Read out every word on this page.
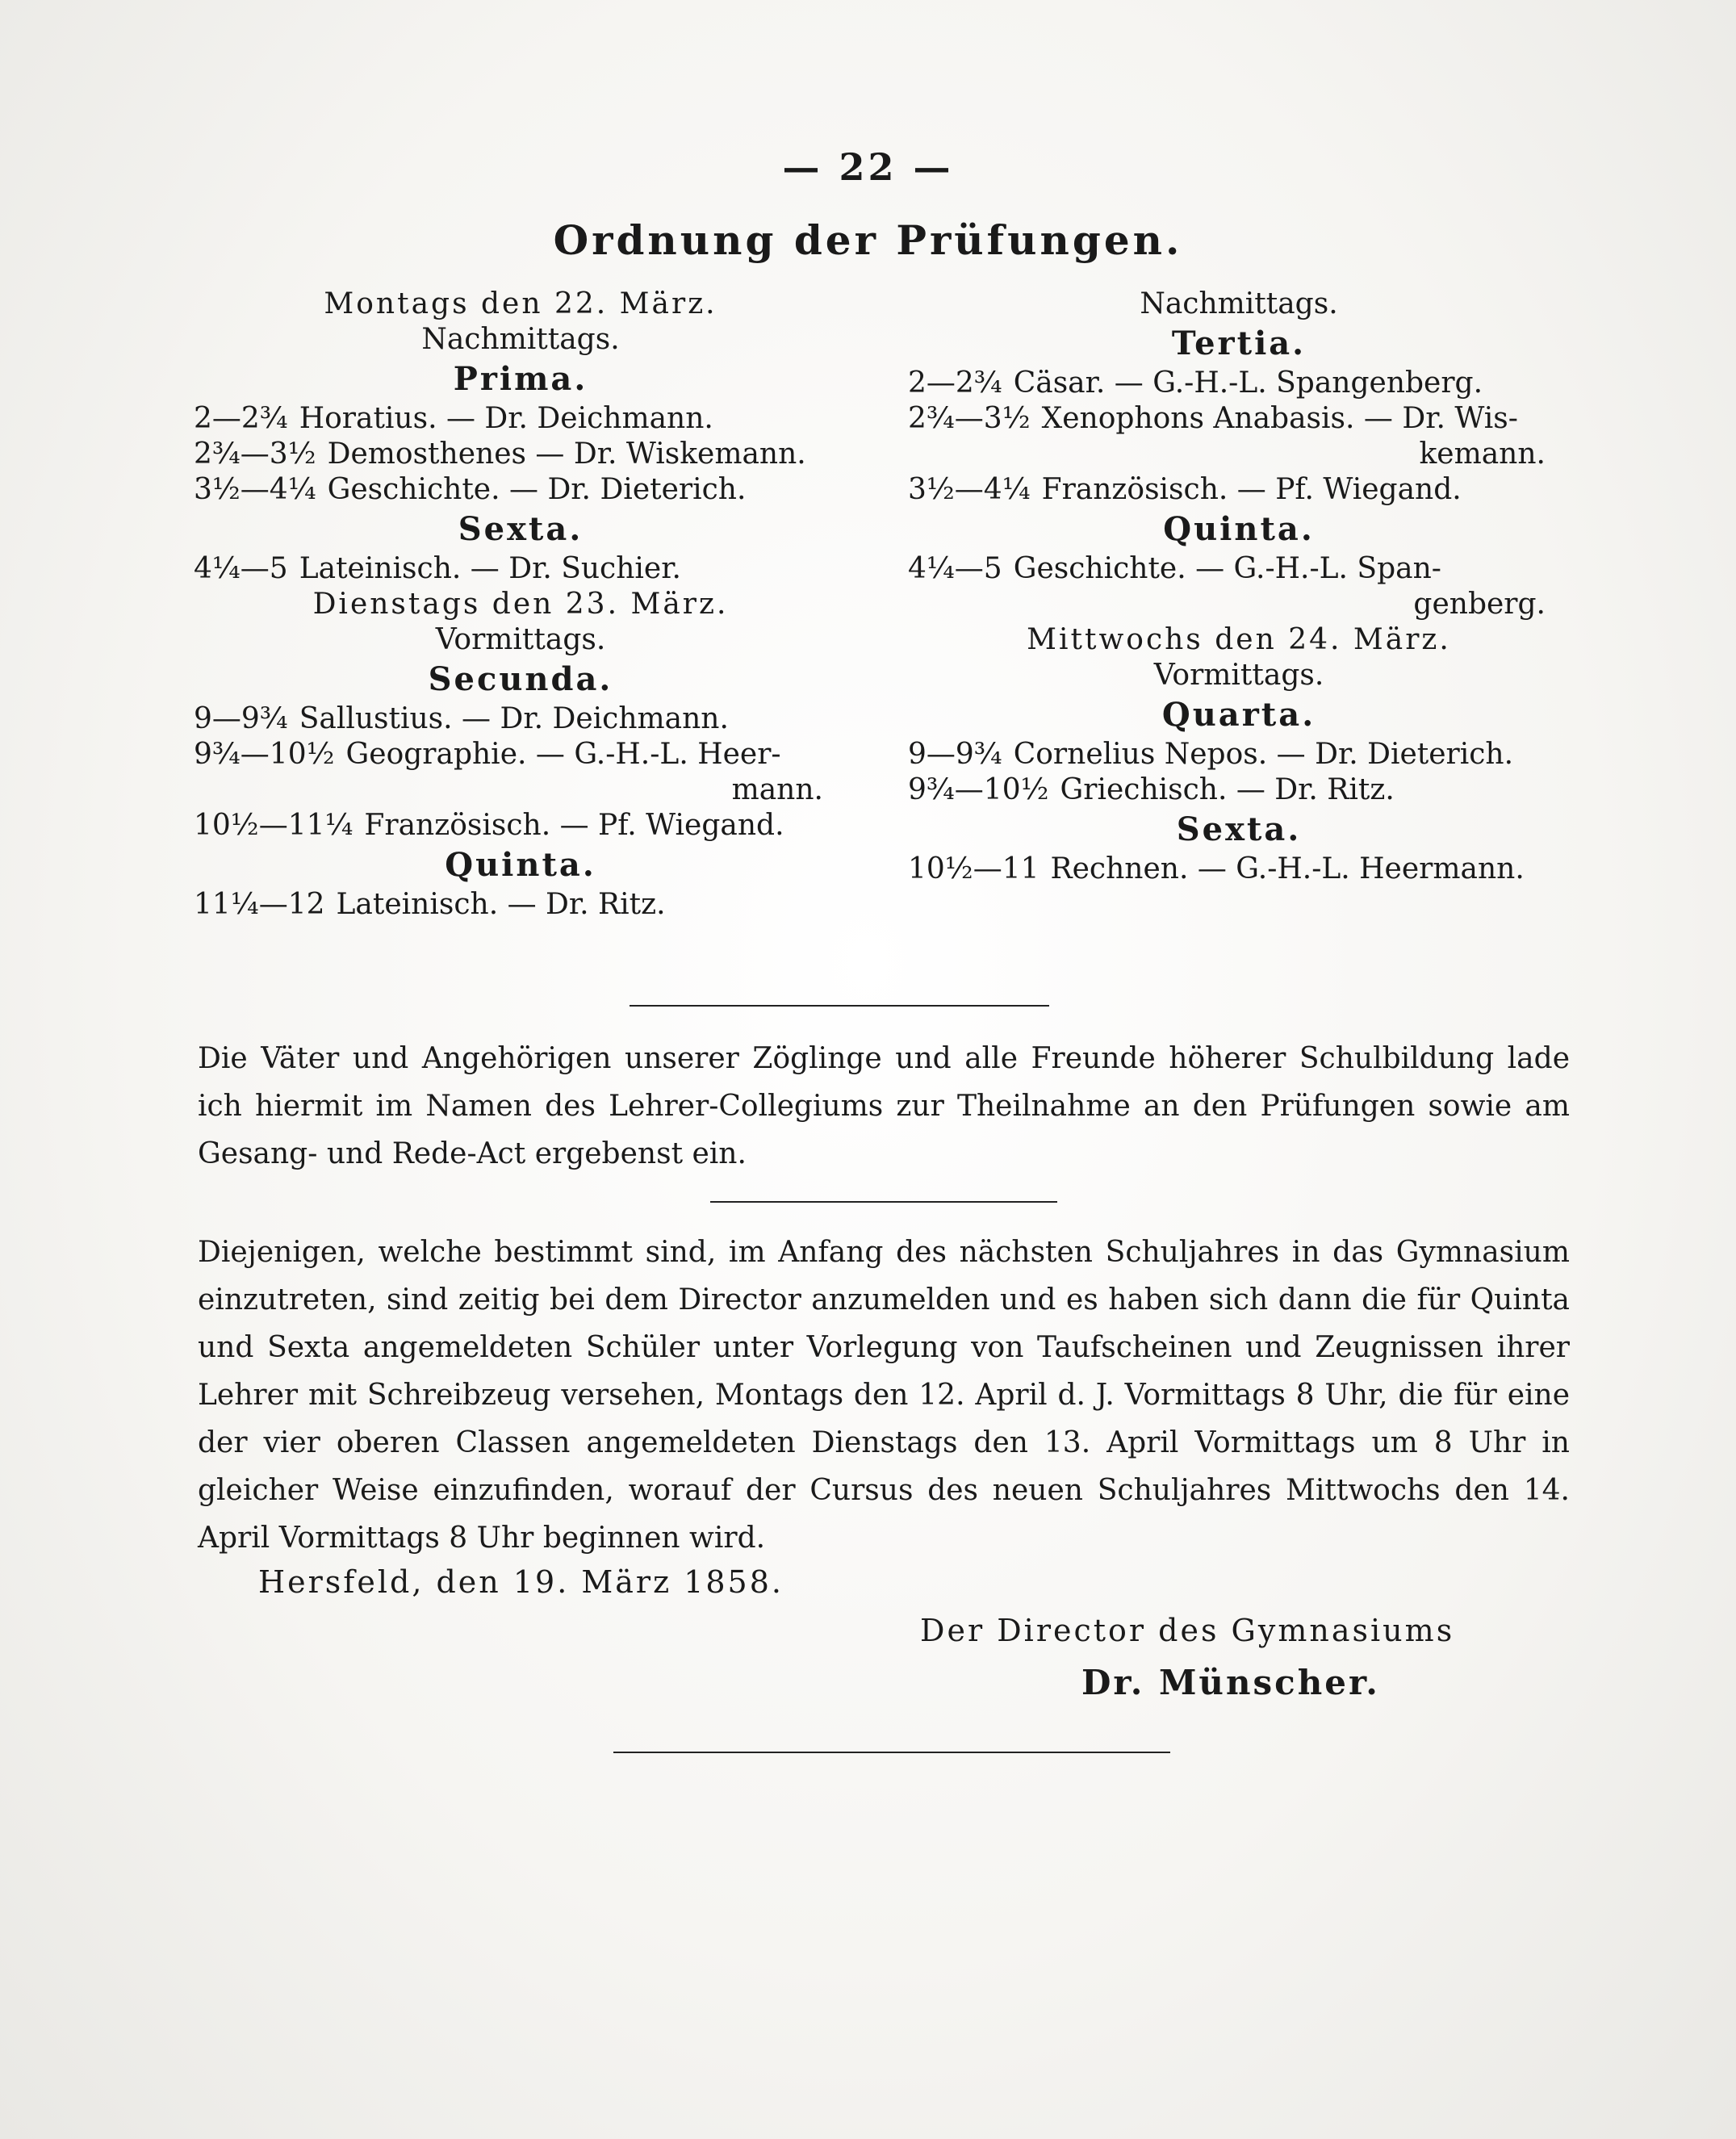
— 22 —
Ordnung der Prüfungen.
Montags den 22. März.
Nachmittags.
Prima.
2—2¾ Horatius. — Dr. Deichmann.
2¾—3½ Demosthenes — Dr. Wiskemann.
3½—4¼ Geschichte. — Dr. Dieterich.
Sexta.
4¼—5 Lateinisch. — Dr. Suchier.
Dienstags den 23. März.
Vormittags.
Secunda.
9—9¾ Sallustius. — Dr. Deichmann.
9¾—10½ Geographie. — G.-H.-L. Heer-
mann.
10½—11¼ Französisch. — Pf. Wiegand.
Quinta.
11¼—12 Lateinisch. — Dr. Ritz.
Nachmittags.
Tertia.
2—2¾ Cäsar. — G.-H.-L. Spangenberg.
2¾—3½ Xenophons Anabasis. — Dr. Wis-
kemann.
3½—4¼ Französisch. — Pf. Wiegand.
Quinta.
4¼—5 Geschichte. — G.-H.-L. Span-
genberg.
Mittwochs den 24. März.
Vormittags.
Quarta.
9—9¾ Cornelius Nepos. — Dr. Dieterich.
9¾—10½ Griechisch. — Dr. Ritz.
Sexta.
10½—11 Rechnen. — G.-H.-L. Heermann.
Die Väter und Angehörigen unserer Zöglinge und alle Freunde höherer Schulbildung lade ich hiermit im Namen des Lehrer-Collegiums zur Theilnahme an den Prüfungen sowie am Gesang- und Rede-Act ergebenst ein.
Diejenigen, welche bestimmt sind, im Anfang des nächsten Schuljahres in das Gymnasium einzutreten, sind zeitig bei dem Director anzumelden und es haben sich dann die für Quinta und Sexta angemeldeten Schüler unter Vorlegung von Taufscheinen und Zeugnissen ihrer Lehrer mit Schreibzeug versehen, Montags den 12. April d. J. Vormittags 8 Uhr, die für eine der vier oberen Classen angemeldeten Dienstags den 13. April Vormittags um 8 Uhr in gleicher Weise einzufinden, worauf der Cursus des neuen Schuljahres Mittwochs den 14. April Vormittags 8 Uhr beginnen wird.
Hersfeld, den 19. März 1858.
Der Director des Gymnasiums
Dr. Münscher.
